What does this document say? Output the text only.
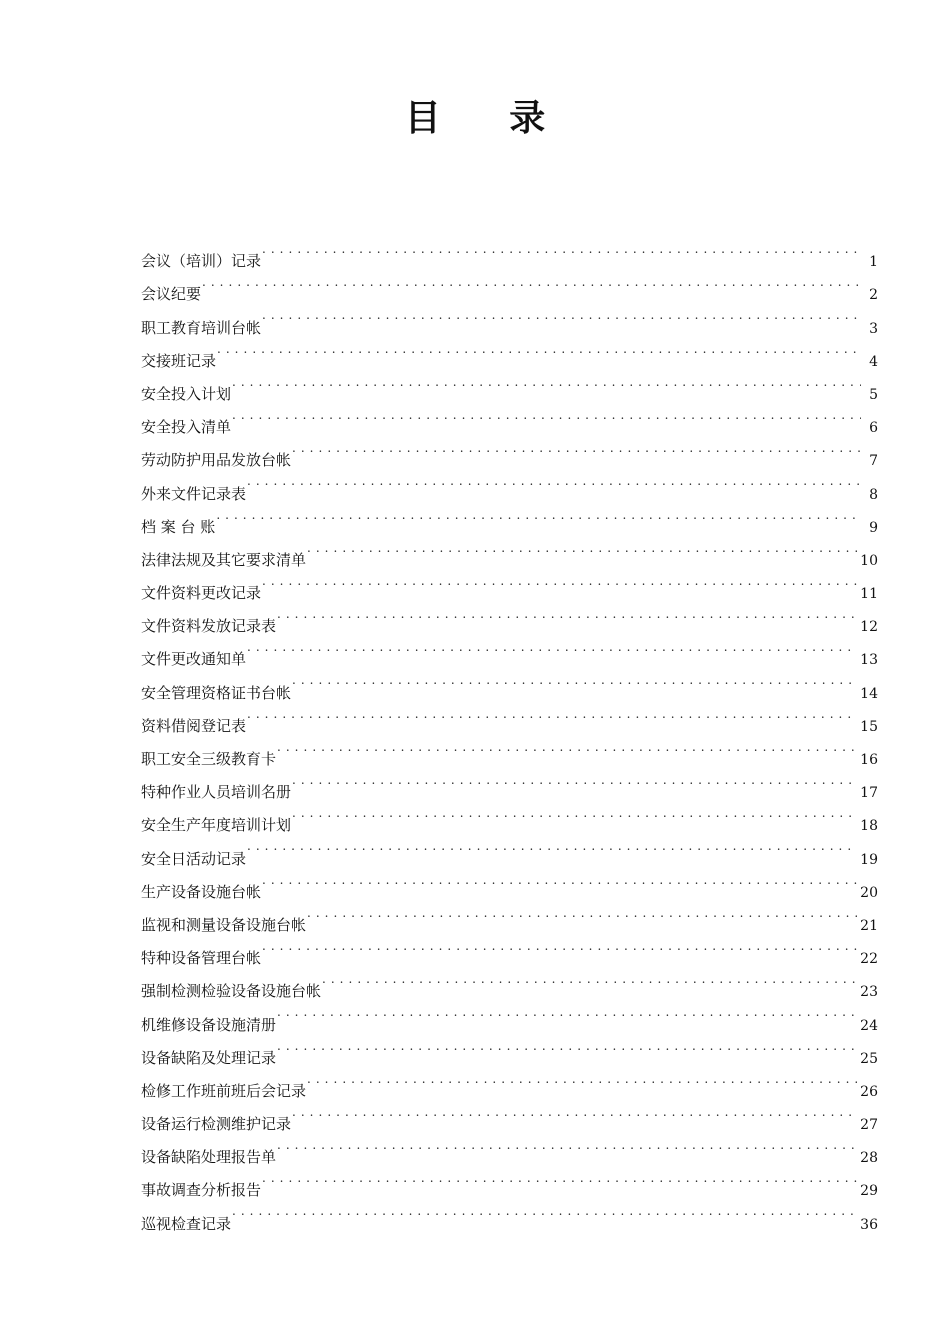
目 录
会议（培训）记录 . . .	1
会议纪要 . . .	2
职工教育培训台帐 . . .	3
交接班记录 . . .	4
安全投入计划 . . .	5
安全投入清单 . . .	6
劳动防护用品发放台帐 . . .	7
外来文件记录表 . . .	8
档 案 台 账 . . .	9
法律法规及其它要求清单 . . .	10
文件资料更改记录 . . .	11
文件资料发放记录表 . . .	12
文件更改通知单 . . .	13
安全管理资格证书台帐 . . .	14
资料借阅登记表 . . .	15
职工安全三级教育卡 . . .	16
特种作业人员培训名册 . . .	17
安全生产年度培训计划 . . .	18
安全日活动记录 . . .	19
生产设备设施台帐 . . .	20
监视和测量设备设施台帐 . . .	21
特种设备管理台帐 . . .	22
强制检测检验设备设施台帐 . . .	23
机维修设备设施清册 . . .	24
设备缺陷及处理记录 . . .	25
检修工作班前班后会记录 . . .	26
设备运行检测维护记录 . . .	27
设备缺陷处理报告单 . . .	28
事故调查分析报告 . . .	29
巡视检查记录 . . .	36
